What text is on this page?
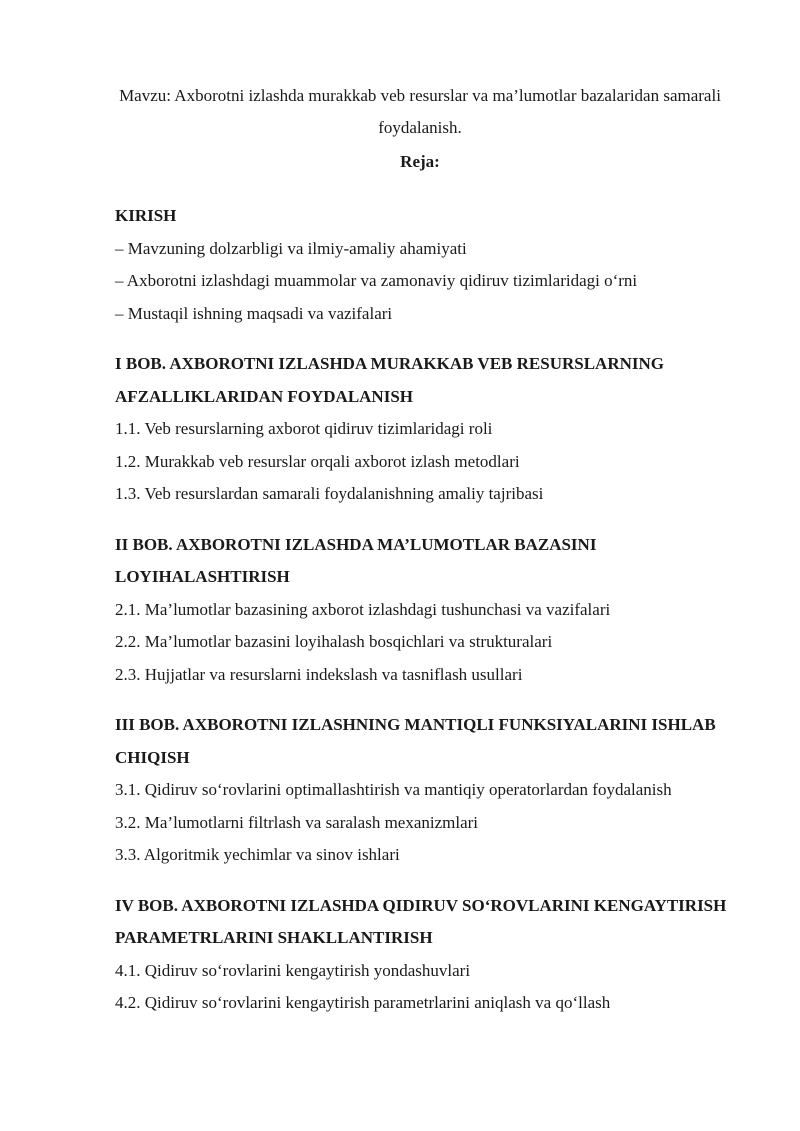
Mavzu: Axborotni izlashda murakkab veb resurslar va ma’lumotlar bazalaridan samarali foydalanish.
Reja:

KIRISH

– Mavzuning dolzarbligi va ilmiy-amaliy ahamiyati

– Axborotni izlashdagi muammolar va zamonaviy qidiruv tizimlaridagi o‘rni

– Mustaqil ishning maqsadi va vazifalari

I BOB. AXBOROTNI IZLASHDA MURAKKAB VEB RESURSLARNING AFZALLIKLARIDAN FOYDALANISH

1.1. Veb resurslarning axborot qidiruv tizimlaridagi roli

1.2. Murakkab veb resurslar orqali axborot izlash metodlari

1.3. Veb resurslardan samarali foydalanishning amaliy tajribasi

II BOB. AXBOROTNI IZLASHDA MA’LUMOTLAR BAZASINI LOYIHALASHTIRISH

2.1. Ma’lumotlar bazasining axborot izlashdagi tushunchasi va vazifalari

2.2. Ma’lumotlar bazasini loyihalash bosqichlari va strukturalari

2.3. Hujjatlar va resurslarni indekslash va tasniflash usullari

III BOB. AXBOROTNI IZLASHNING MANTIQLI FUNKSIYALARINI ISHLAB CHIQISH

3.1. Qidiruv so‘rovlarini optimallashtirish va mantiqiy operatorlardan foydalanish

3.2. Ma’lumotlarni filtrlash va saralash mexanizmlari

3.3. Algoritmik yechimlar va sinov ishlari

IV BOB. AXBOROTNI IZLASHDA QIDIRUV SO‘ROVLARINI KENGAYTIRISH PARAMETRLARINI SHAKLLANTIRISH

4.1. Qidiruv so‘rovlarini kengaytirish yondashuvlari

4.2. Qidiruv so‘rovlarini kengaytirish parametrlarini aniqlash va qo‘llash
